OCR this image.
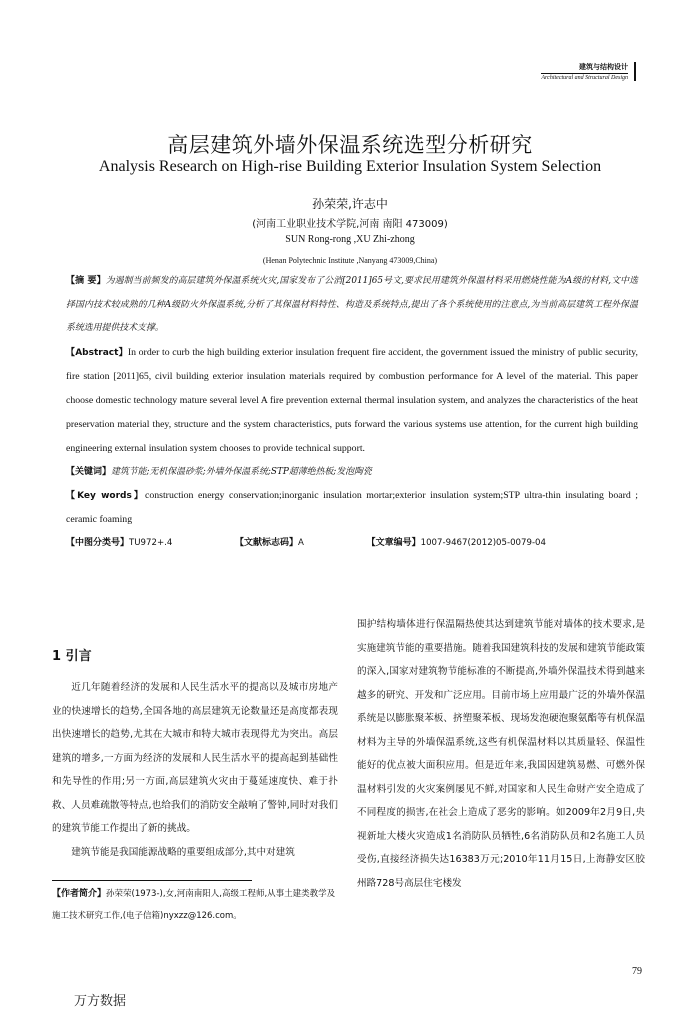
建筑与结构设计
Architectural and Structural Design
高层建筑外墙外保温系统选型分析研究
Analysis Research on High-rise Building Exterior Insulation System Selection
孙荣荣,许志中
(河南工业职业技术学院,河南 南阳 473009)
SUN Rong-rong ,XU Zhi-zhong
(Henan Polytechnic Institute ,Nanyang 473009,China)
【摘 要】为遏制当前频发的高层建筑外保温系统火灾,国家发布了公消[2011]65号文,要求民用建筑外保温材料采用燃烧性能为A级的材料,文中选择国内技术较成熟的几种A级防火外保温系统,分析了其保温材料特性、构造及系统特点,提出了各个系统使用的注意点,为当前高层建筑工程外保温系统选用提供技术支撑。
【Abstract】In order to curb the high building exterior insulation frequent fire accident, the government issued the ministry of public security, fire station [2011]65, civil building exterior insulation materials required by combustion performance for A level of the material. This paper choose domestic technology mature several level A fire prevention external thermal insulation system, and analyzes the characteristics of the heat preservation material they, structure and the system characteristics, puts forward the various systems use attention, for the current high building engineering external insulation system chooses to provide technical support.
【关键词】建筑节能;无机保温砂浆;外墙外保温系统;STP超薄绝热板;发泡陶瓷
【Key words】construction energy conservation;inorganic insulation mortar;exterior insulation system;STP ultra-thin insulating board ; ceramic foaming
【中图分类号】TU972+.4	【文献标志码】A	【文章编号】1007-9467(2012)05-0079-04
1 引言

近几年随着经济的发展和人民生活水平的提高以及城市房地产业的快速增长的趋势,全国各地的高层建筑无论数量还是高度都表现出快速增长的趋势,尤其在大城市和特大城市表现得尤为突出。高层建筑的增多,一方面为经济的发展和人民生活水平的提高起到基础性和先导性的作用;另一方面,高层建筑火灾由于蔓延速度快、难于扑救、人员难疏散等特点,也给我们的消防安全敲响了警钟,同时对我们的建筑节能工作提出了新的挑战。

建筑节能是我国能源战略的重要组成部分,其中对建筑

【作者简介】孙荣荣(1973-),女,河南南阳人,高级工程师,从事土建类教学及施工技术研究工作,(电子信箱)nyxzz@126.com。

围护结构墙体进行保温隔热使其达到建筑节能对墙体的技术要求,是实施建筑节能的重要措施。随着我国建筑科技的发展和建筑节能政策的深入,国家对建筑物节能标准的不断提高,外墙外保温技术得到越来越多的研究、开发和广泛应用。目前市场上应用最广泛的外墙外保温系统是以膨胀聚苯板、挤塑聚苯板、现场发泡硬泡聚氨酯等有机保温材料为主导的外墙保温系统,这些有机保温材料以其质量轻、保温性能好的优点被大面积应用。但是近年来,我国因建筑易燃、可燃外保温材料引发的火灾案例屡见不鲜,对国家和人民生命财产安全造成了不同程度的损害,在社会上造成了恶劣的影响。如2009年2月9日,央视新址大楼火灾造成1名消防队员牺牲,6名消防队员和2名施工人员受伤,直接经济损失达16383万元;2010年11月15日,上海静安区胶州路728号高层住宅楼发

79
万方数据
